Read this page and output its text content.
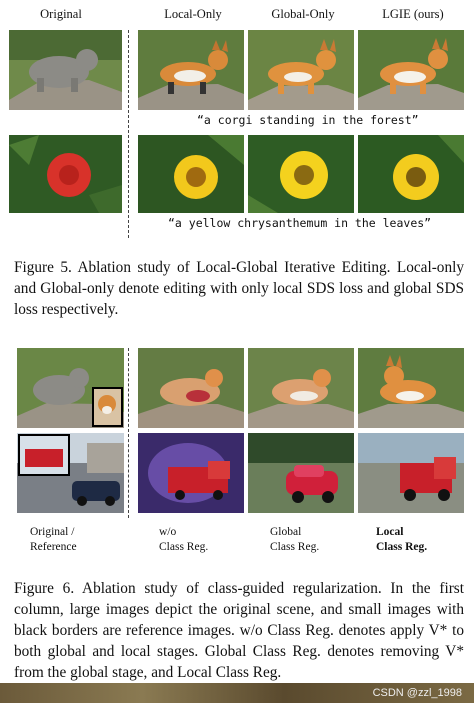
Original	Local-Only	Global-Only	LGIE (ours)
“a corgi standing in the forest”
“a yellow chrysanthemum in the leaves”
Figure 5. Ablation study of Local-Global Iterative Editing. Local-only and Global-only denote editing with only local SDS loss and global SDS loss respectively.
Original /
Reference
w/o
Class Reg.
Global
Class Reg.
Local
Class Reg.
Figure 6. Ablation study of class-guided regularization. In the first column, large images depict the original scene, and small images with black borders are reference images. w/o Class Reg. denotes apply V* to both global and local stages. Global Class Reg. denotes removing V* from the global stage, and Local Class Reg.
CSDN @zzl_1998
